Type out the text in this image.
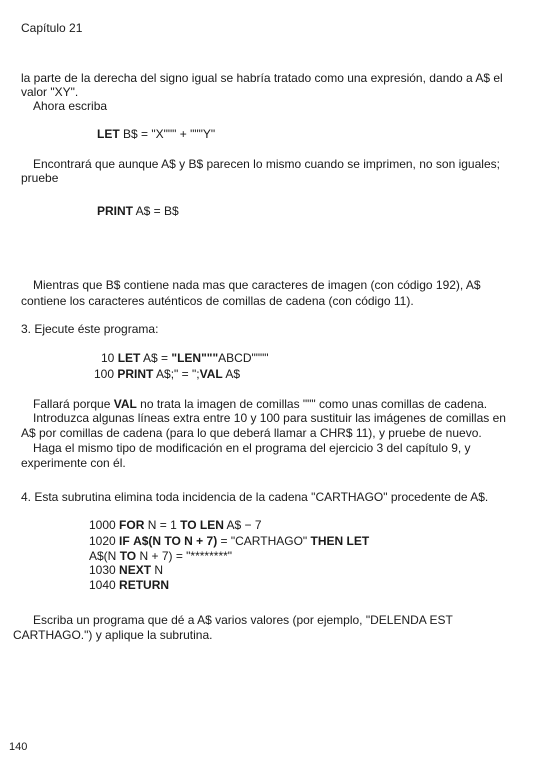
Capítulo 21

la parte de la derecha del signo igual se habría tratado como una expresión, dando a A$ el

valor "XY".

Ahora escriba

LET B$ = "X""" + """Y"

Encontrará que aunque A$ y B$ parecen lo mismo cuando se imprimen, no son iguales;

pruebe

PRINT A$ = B$

Mientras que B$ contiene nada mas que caracteres de imagen (con código 192), A$

contiene los caracteres auténticos de comillas de cadena (con código 11).

3. Ejecute éste programa:

10 LET A$ = "LEN"""ABCD""""

100 PRINT A$;" = ";VAL A$

Fallará porque VAL no trata la imagen de comillas """ como unas comillas de cadena.

Introduzca algunas líneas extra entre 10 y 100 para sustituir las imágenes de comillas en

A$ por comillas de cadena (para lo que deberá llamar a CHR$ 11), y pruebe de nuevo.

Haga el mismo tipo de modificación en el programa del ejercicio 3 del capítulo 9, y

experimente con él.

4. Esta subrutina elimina toda incidencia de la cadena "CARTHAGO" procedente de A$.

1000 FOR N = 1 TO LEN A$ − 7

1020 IF A$(N TO N + 7) = "CARTHAGO" THEN LET

A$(N TO N + 7) = "********"

1030 NEXT N

1040 RETURN

Escriba un programa que dé a A$ varios valores (por ejemplo, "DELENDA EST

CARTHAGO.") y aplique la subrutina.

140
